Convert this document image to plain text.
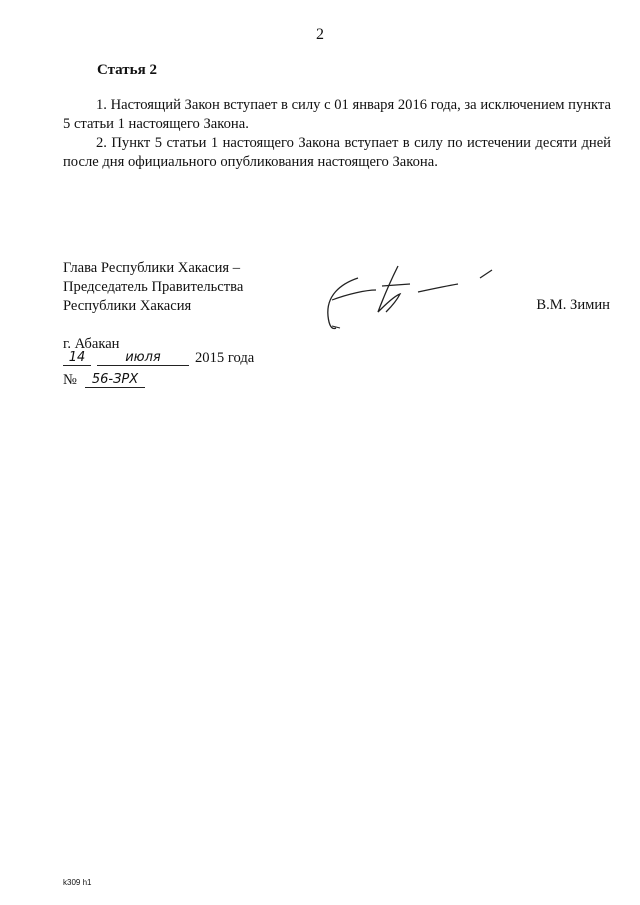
2
Статья 2
1. Настоящий Закон вступает в силу с 01 января 2016 года, за исключением пункта 5 статьи 1 настоящего Закона.
2. Пункт 5 статьи 1 настоящего Закона вступает в силу по истечении десяти дней после дня официального опубликования настоящего Закона.
Глава Республики Хакасия –
Председатель Правительства
Республики Хакасия	В.М. Зимин
г. Абакан
14	июля	2015 года
№	56-ЗРХ
k309 h1
